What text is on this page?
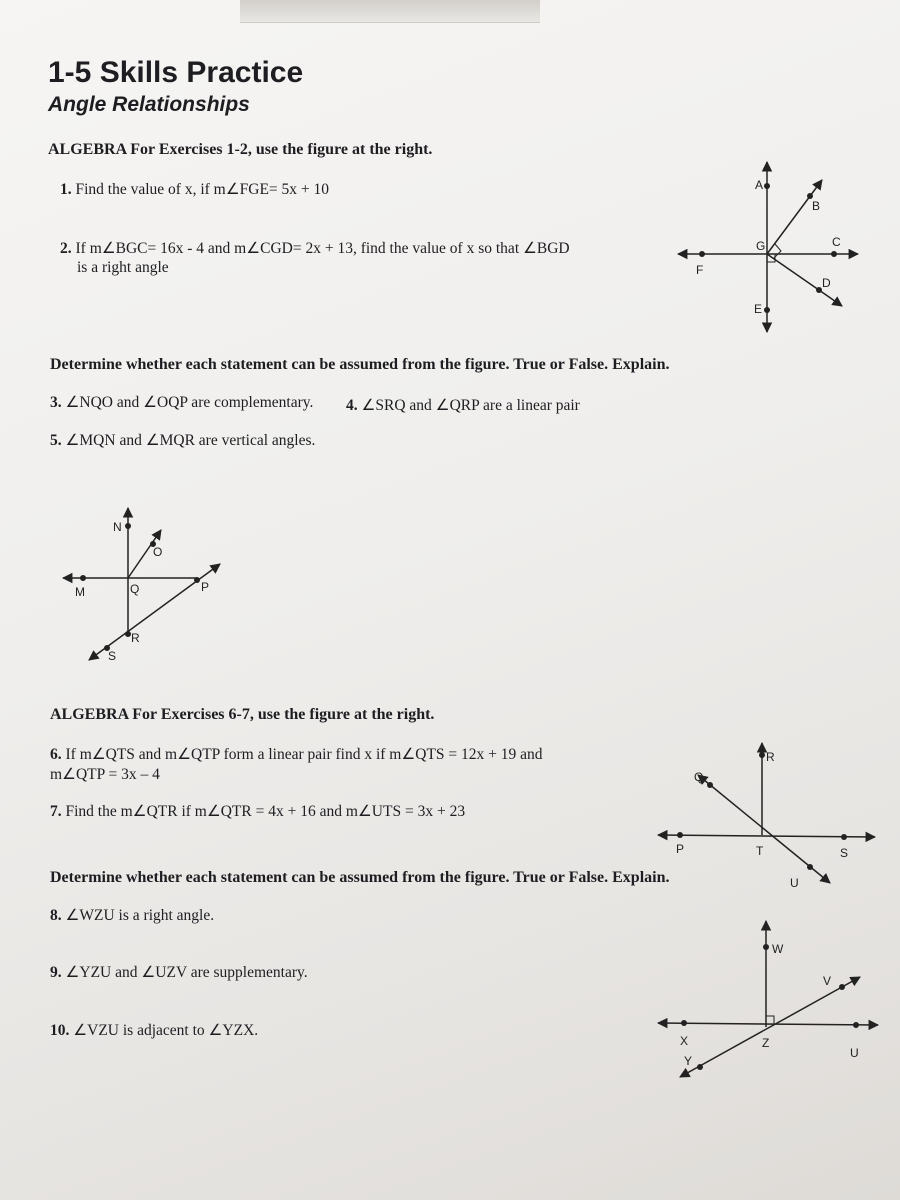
1-5 Skills Practice
Angle Relationships
ALGEBRA For Exercises 1-2, use the figure at the right.
1. Find the value of x, if m∠FGE= 5x + 10
2. If m∠BGC= 16x - 4 and m∠CGD= 2x + 13, find the value of x so that ∠BGD
is a right angle
Determine whether each statement can be assumed from the figure. True or False. Explain.
3. ∠NQO and ∠OQP are complementary. 4. ∠SRQ and ∠QRP are a linear pair
5. ∠MQN and ∠MQR are vertical angles.
ALGEBRA For Exercises 6-7, use the figure at the right.
6. If m∠QTS and m∠QTP form a linear pair find x if m∠QTS = 12x + 19 and
m∠QTP = 3x – 4
7. Find the m∠QTR if m∠QTR = 4x + 16 and m∠UTS = 3x + 23
Determine whether each statement can be assumed from the figure. True or False. Explain.
8. ∠WZU is a right angle.
9. ∠YZU and ∠UZV are supplementary.
10. ∠VZU is adjacent to ∠YZX.
A
B
C
D
E
F
G
N
O
M	Q	P
R
S
R
Q
P	T	S
U
W
V
X	Z
U
Y
